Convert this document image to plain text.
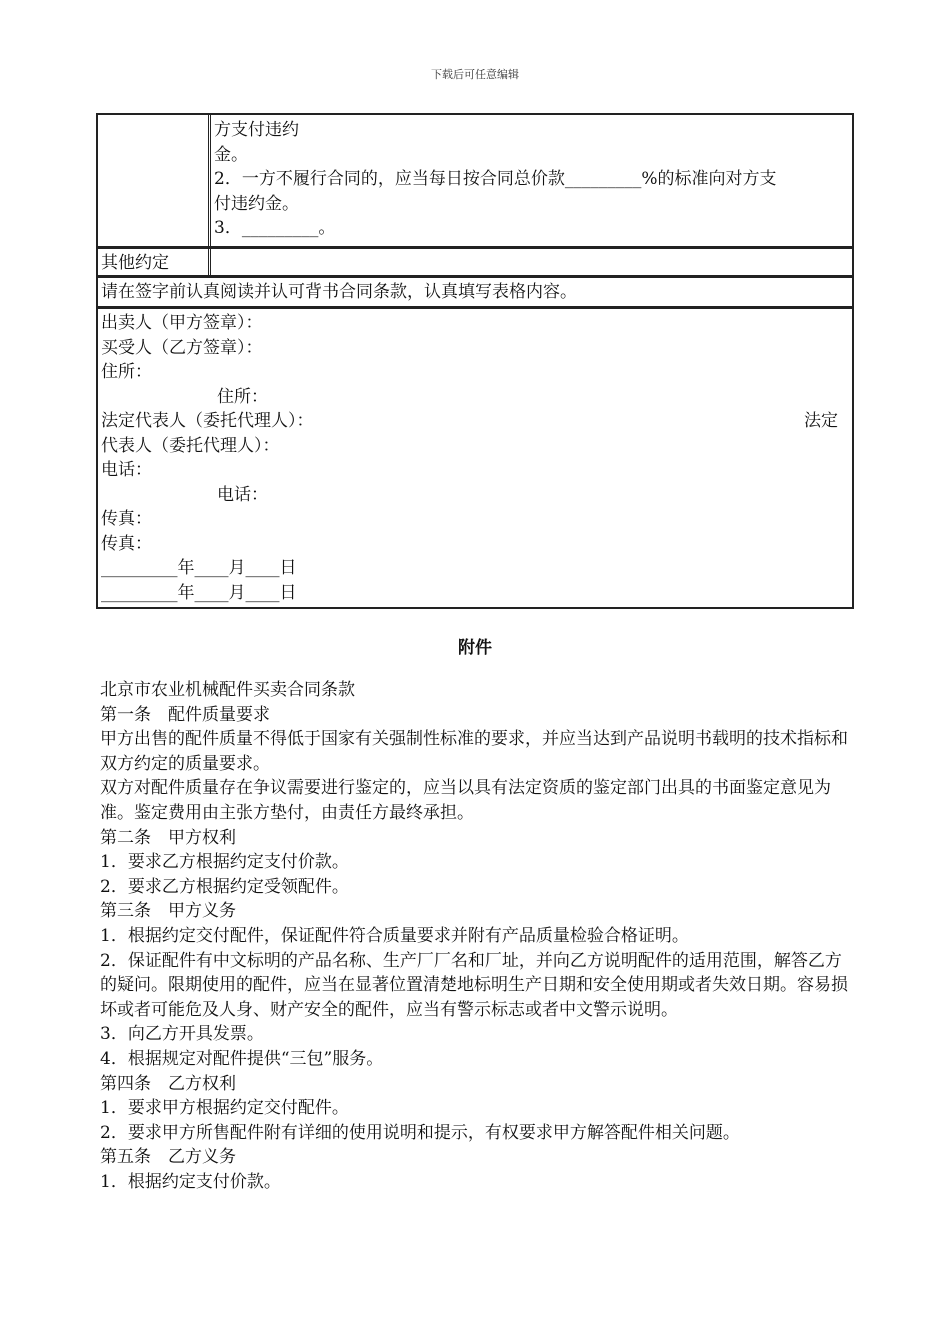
下载后可任意编辑
方支付违约
金。
2．一方不履行合同的，应当每日按合同总价款_________%的标准向对方支
付违约金。
3．_________。
其他约定
请在签字前认真阅读并认可背书合同条款，认真填写表格内容。
出卖人（甲方签章）：
买受人（乙方签章）：
住所：
住所：
法定代表人（委托代理人）：	法定
代表人（委托代理人）：
电话：
电话：
传真：
传真：
_________年____月____日
_________年____月____日
附件
北京市农业机械配件买卖合同条款
第一条　配件质量要求
甲方出售的配件质量不得低于国家有关强制性标准的要求，并应当达到产品说明书载明的技术指标和双方约定的质量要求。
双方对配件质量存在争议需要进行鉴定的，应当以具有法定资质的鉴定部门出具的书面鉴定意见为准。鉴定费用由主张方垫付，由责任方最终承担。
第二条　甲方权利
1．要求乙方根据约定支付价款。
2．要求乙方根据约定受领配件。
第三条　甲方义务
1．根据约定交付配件，保证配件符合质量要求并附有产品质量检验合格证明。
2．保证配件有中文标明的产品名称、生产厂厂名和厂址，并向乙方说明配件的适用范围，解答乙方的疑问。限期使用的配件，应当在显著位置清楚地标明生产日期和安全使用期或者失效日期。容易损坏或者可能危及人身、财产安全的配件，应当有警示标志或者中文警示说明。
3．向乙方开具发票。
4．根据规定对配件提供“三包”服务。
第四条　乙方权利
1．要求甲方根据约定交付配件。
2．要求甲方所售配件附有详细的使用说明和提示，有权要求甲方解答配件相关问题。
第五条　乙方义务
1．根据约定支付价款。
